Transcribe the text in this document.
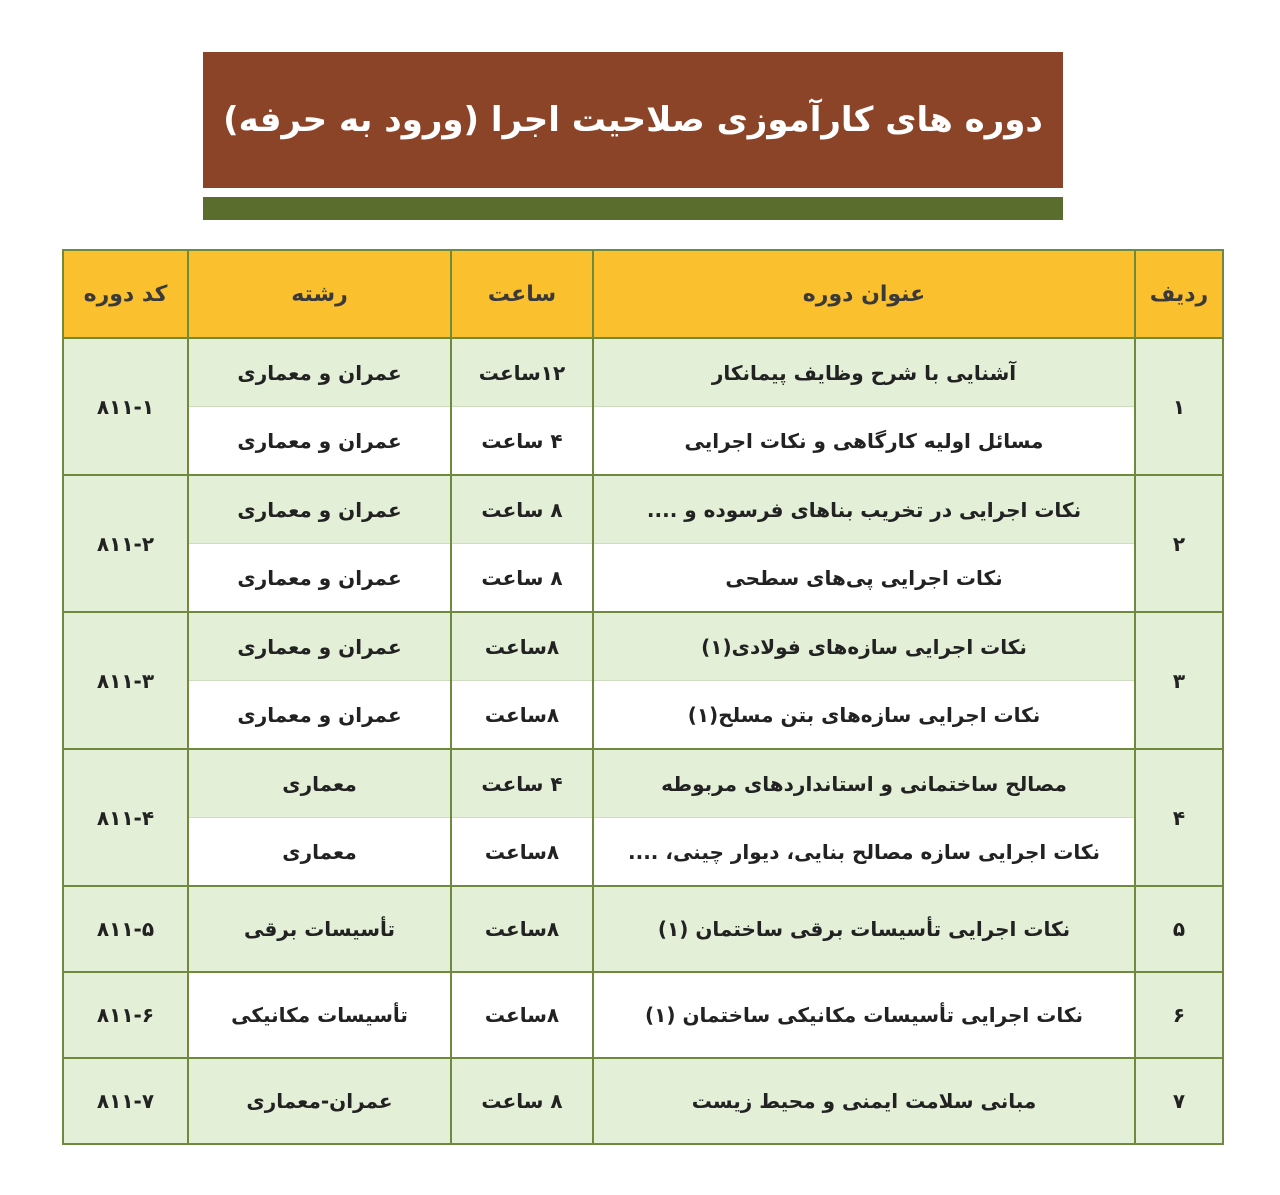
دوره های کارآموزی صلاحیت اجرا (ورود به حرفه)
ردیف	عنوان دوره	ساعت	رشته	کد دوره
۱	آشنایی با شرح وظایف پیمانکار	۱۲ساعت	عمران و معماری	۸۱۱-۱
	مسائل اولیه کارگاهی و نکات اجرایی	۴ ساعت	عمران و معماری	
۲	نکات اجرایی در تخریب بناهای فرسوده و ....	۸ ساعت	عمران و معماری	۸۱۱-۲
	نکات اجرایی پی‌های سطحی	۸ ساعت	عمران و معماری	
۳	نکات اجرایی سازه‌های فولادی(۱)	۸ساعت	عمران و معماری	۸۱۱-۳
	نکات اجرایی سازه‌های بتن مسلح(۱)	۸ساعت	عمران و معماری	
۴	مصالح ساختمانی و استانداردهای مربوطه	۴ ساعت	معماری	۸۱۱-۴
	نکات اجرایی سازه مصالح بنایی، دیوار چینی، ....	۸ساعت	معماری	
۵	نکات اجرایی تأسیسات برقی ساختمان (۱)	۸ساعت	تأسیسات برقی	۸۱۱-۵
۶	نکات اجرایی تأسیسات مکانیکی ساختمان (۱)	۸ساعت	تأسیسات مکانیکی	۸۱۱-۶
۷	مبانی سلامت ایمنی و محیط زیست	۸ ساعت	عمران-معماری	۸۱۱-۷
